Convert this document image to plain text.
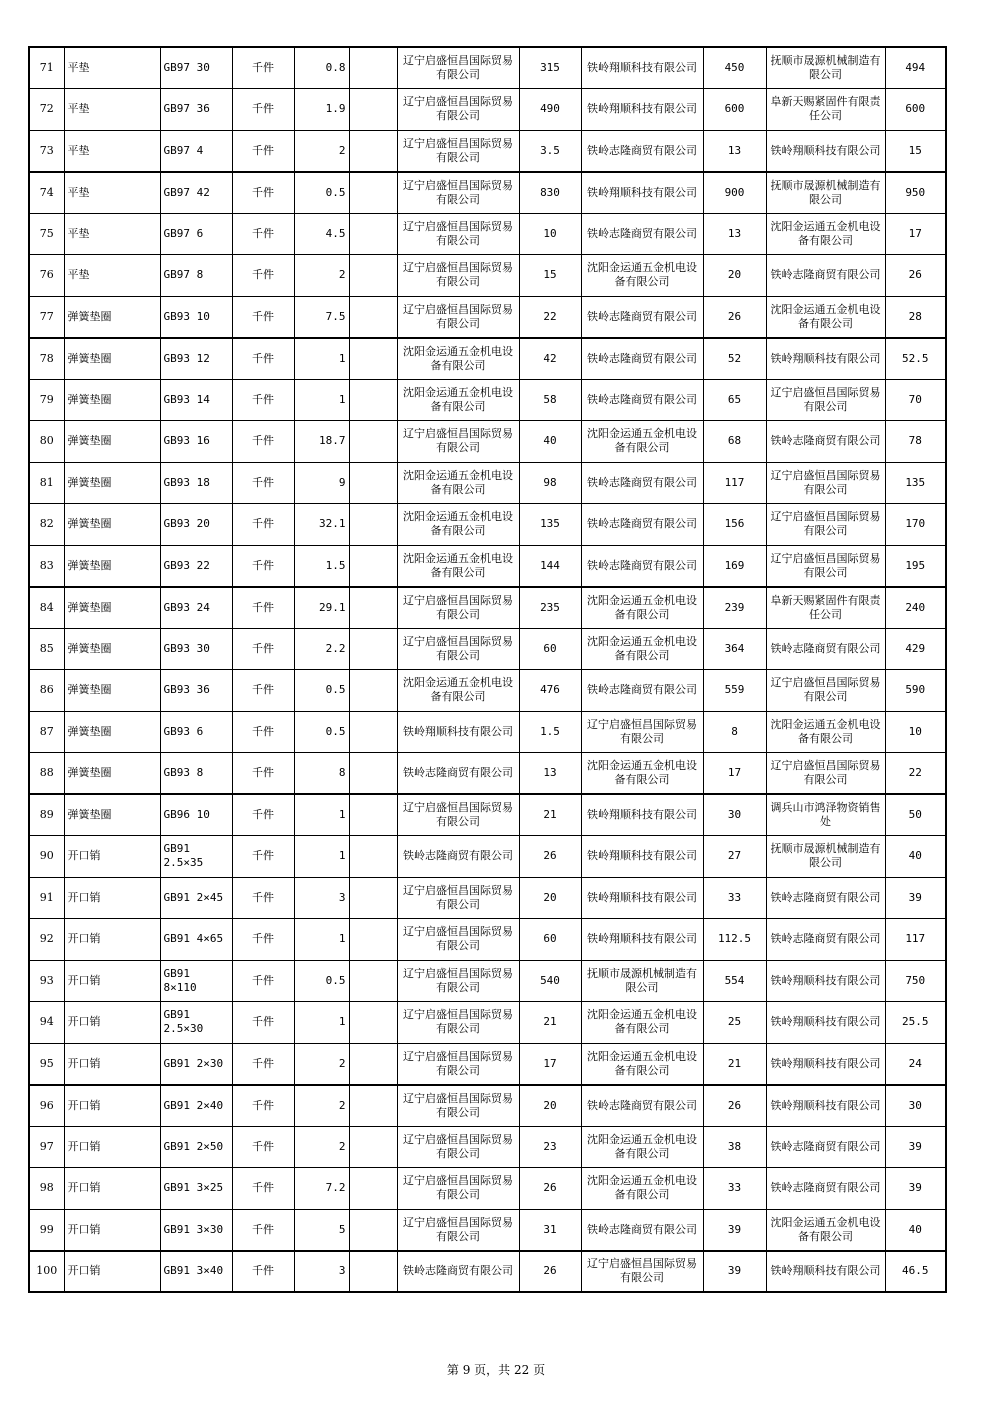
71	平垫	GB97 30	千件	0.8		辽宁启盛恒昌国际贸易有限公司	315	铁岭翔顺科技有限公司	450	抚顺市晟源机械制造有限公司	494
72	平垫	GB97 36	千件	1.9		辽宁启盛恒昌国际贸易有限公司	490	铁岭翔顺科技有限公司	600	阜新天赐紧固件有限责任公司	600
73	平垫	GB97 4	千件	2		辽宁启盛恒昌国际贸易有限公司	3.5	铁岭志隆商贸有限公司	13	铁岭翔顺科技有限公司	15
74	平垫	GB97 42	千件	0.5		辽宁启盛恒昌国际贸易有限公司	830	铁岭翔顺科技有限公司	900	抚顺市晟源机械制造有限公司	950
75	平垫	GB97 6	千件	4.5		辽宁启盛恒昌国际贸易有限公司	10	铁岭志隆商贸有限公司	13	沈阳金运通五金机电设备有限公司	17
76	平垫	GB97 8	千件	2		辽宁启盛恒昌国际贸易有限公司	15	沈阳金运通五金机电设备有限公司	20	铁岭志隆商贸有限公司	26
77	弹簧垫圈	GB93 10	千件	7.5		辽宁启盛恒昌国际贸易有限公司	22	铁岭志隆商贸有限公司	26	沈阳金运通五金机电设备有限公司	28
78	弹簧垫圈	GB93 12	千件	1		沈阳金运通五金机电设备有限公司	42	铁岭志隆商贸有限公司	52	铁岭翔顺科技有限公司	52.5
79	弹簧垫圈	GB93 14	千件	1		沈阳金运通五金机电设备有限公司	58	铁岭志隆商贸有限公司	65	辽宁启盛恒昌国际贸易有限公司	70
80	弹簧垫圈	GB93 16	千件	18.7		辽宁启盛恒昌国际贸易有限公司	40	沈阳金运通五金机电设备有限公司	68	铁岭志隆商贸有限公司	78
81	弹簧垫圈	GB93 18	千件	9		沈阳金运通五金机电设备有限公司	98	铁岭志隆商贸有限公司	117	辽宁启盛恒昌国际贸易有限公司	135
82	弹簧垫圈	GB93 20	千件	32.1		沈阳金运通五金机电设备有限公司	135	铁岭志隆商贸有限公司	156	辽宁启盛恒昌国际贸易有限公司	170
83	弹簧垫圈	GB93 22	千件	1.5		沈阳金运通五金机电设备有限公司	144	铁岭志隆商贸有限公司	169	辽宁启盛恒昌国际贸易有限公司	195
84	弹簧垫圈	GB93 24	千件	29.1		辽宁启盛恒昌国际贸易有限公司	235	沈阳金运通五金机电设备有限公司	239	阜新天赐紧固件有限责任公司	240
85	弹簧垫圈	GB93 30	千件	2.2		辽宁启盛恒昌国际贸易有限公司	60	沈阳金运通五金机电设备有限公司	364	铁岭志隆商贸有限公司	429
86	弹簧垫圈	GB93 36	千件	0.5		沈阳金运通五金机电设备有限公司	476	铁岭志隆商贸有限公司	559	辽宁启盛恒昌国际贸易有限公司	590
87	弹簧垫圈	GB93 6	千件	0.5		铁岭翔顺科技有限公司	1.5	辽宁启盛恒昌国际贸易有限公司	8	沈阳金运通五金机电设备有限公司	10
88	弹簧垫圈	GB93 8	千件	8		铁岭志隆商贸有限公司	13	沈阳金运通五金机电设备有限公司	17	辽宁启盛恒昌国际贸易有限公司	22
89	弹簧垫圈	GB96 10	千件	1		辽宁启盛恒昌国际贸易有限公司	21	铁岭翔顺科技有限公司	30	调兵山市鸿泽物资销售处	50
90	开口销	GB91 2.5×35	千件	1		铁岭志隆商贸有限公司	26	铁岭翔顺科技有限公司	27	抚顺市晟源机械制造有限公司	40
91	开口销	GB91 2×45	千件	3		辽宁启盛恒昌国际贸易有限公司	20	铁岭翔顺科技有限公司	33	铁岭志隆商贸有限公司	39
92	开口销	GB91 4×65	千件	1		辽宁启盛恒昌国际贸易有限公司	60	铁岭翔顺科技有限公司	112.5	铁岭志隆商贸有限公司	117
93	开口销	GB91 8×110	千件	0.5		辽宁启盛恒昌国际贸易有限公司	540	抚顺市晟源机械制造有限公司	554	铁岭翔顺科技有限公司	750
94	开口销	GB91 2.5×30	千件	1		辽宁启盛恒昌国际贸易有限公司	21	沈阳金运通五金机电设备有限公司	25	铁岭翔顺科技有限公司	25.5
95	开口销	GB91 2×30	千件	2		辽宁启盛恒昌国际贸易有限公司	17	沈阳金运通五金机电设备有限公司	21	铁岭翔顺科技有限公司	24
96	开口销	GB91 2×40	千件	2		辽宁启盛恒昌国际贸易有限公司	20	铁岭志隆商贸有限公司	26	铁岭翔顺科技有限公司	30
97	开口销	GB91 2×50	千件	2		辽宁启盛恒昌国际贸易有限公司	23	沈阳金运通五金机电设备有限公司	38	铁岭志隆商贸有限公司	39
98	开口销	GB91 3×25	千件	7.2		辽宁启盛恒昌国际贸易有限公司	26	沈阳金运通五金机电设备有限公司	33	铁岭志隆商贸有限公司	39
99	开口销	GB91 3×30	千件	5		辽宁启盛恒昌国际贸易有限公司	31	铁岭志隆商贸有限公司	39	沈阳金运通五金机电设备有限公司	40
100	开口销	GB91 3×40	千件	3		铁岭志隆商贸有限公司	26	辽宁启盛恒昌国际贸易有限公司	39	铁岭翔顺科技有限公司	46.5
第 9 页，共 22 页
